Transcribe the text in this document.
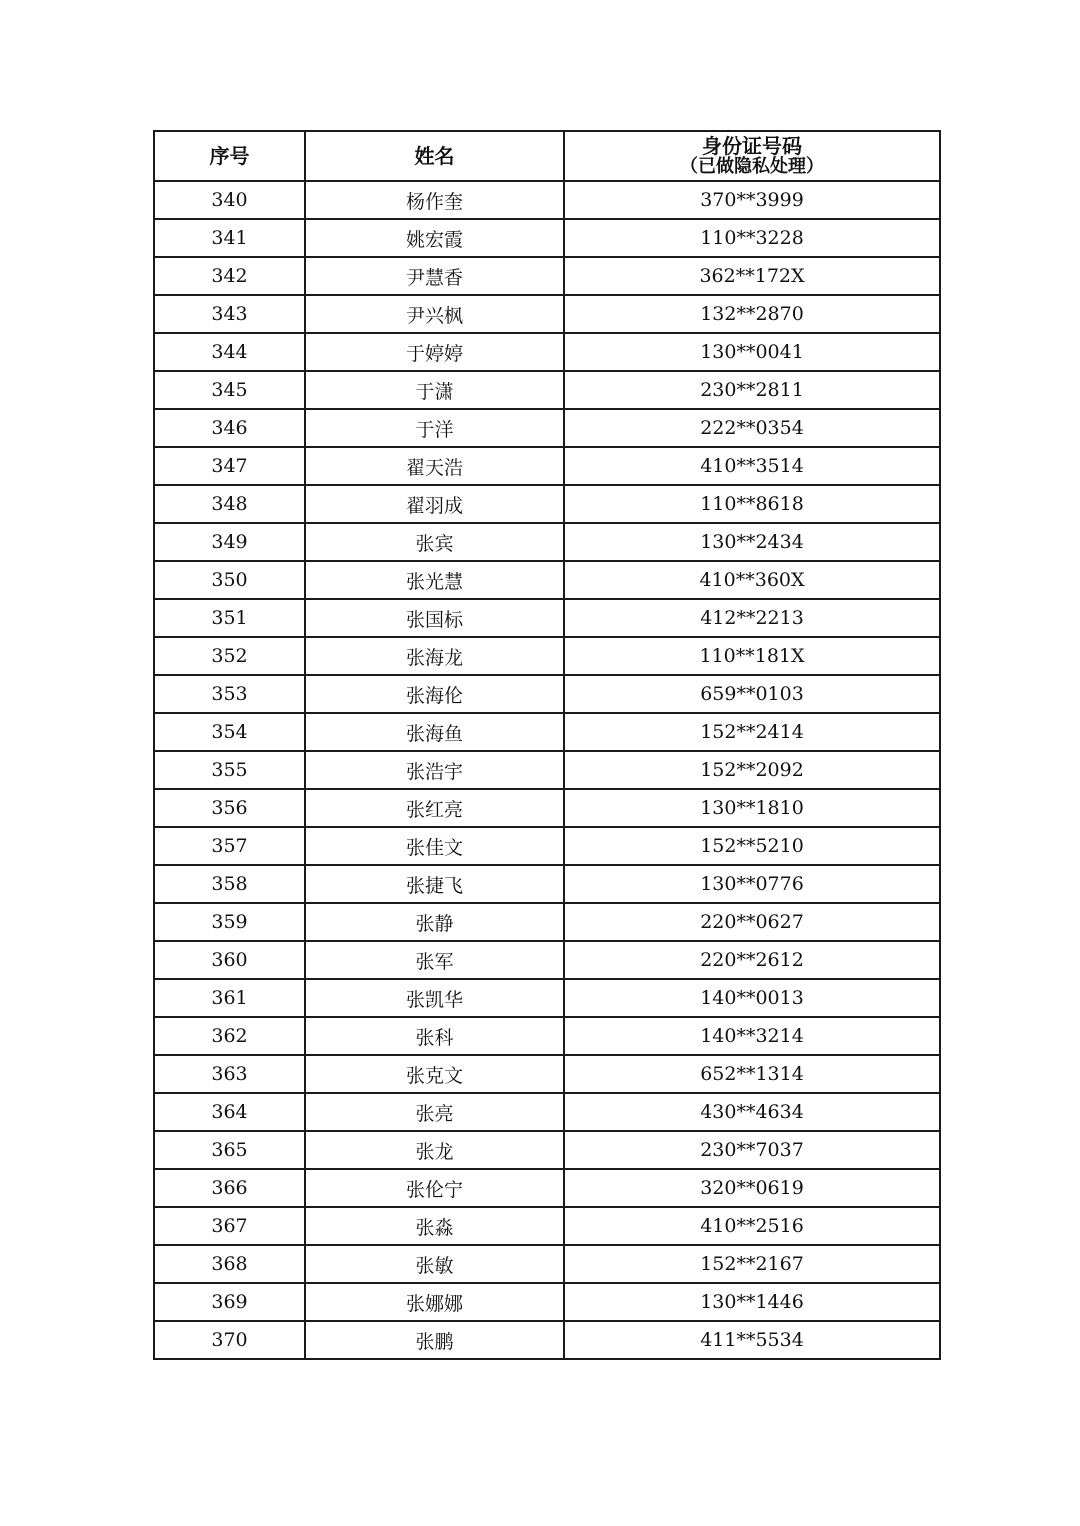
序号	姓名	身份证号码
（已做隐私处理）

340	杨作奎	370**3999
341	姚宏霞	110**3228
342	尹慧香	362**172X
343	尹兴枫	132**2870
344	于婷婷	130**0041
345	于潇	230**2811
346	于洋	222**0354
347	翟天浩	410**3514
348	翟羽成	110**8618
349	张宾	130**2434
350	张光慧	410**360X
351	张国标	412**2213
352	张海龙	110**181X
353	张海伦	659**0103
354	张海鱼	152**2414
355	张浩宇	152**2092
356	张红亮	130**1810
357	张佳文	152**5210
358	张捷飞	130**0776
359	张静	220**0627
360	张军	220**2612
361	张凯华	140**0013
362	张科	140**3214
363	张克文	652**1314
364	张亮	430**4634
365	张龙	230**7037
366	张伦宁	320**0619
367	张淼	410**2516
368	张敏	152**2167
369	张娜娜	130**1446
370	张鹏	411**5534
